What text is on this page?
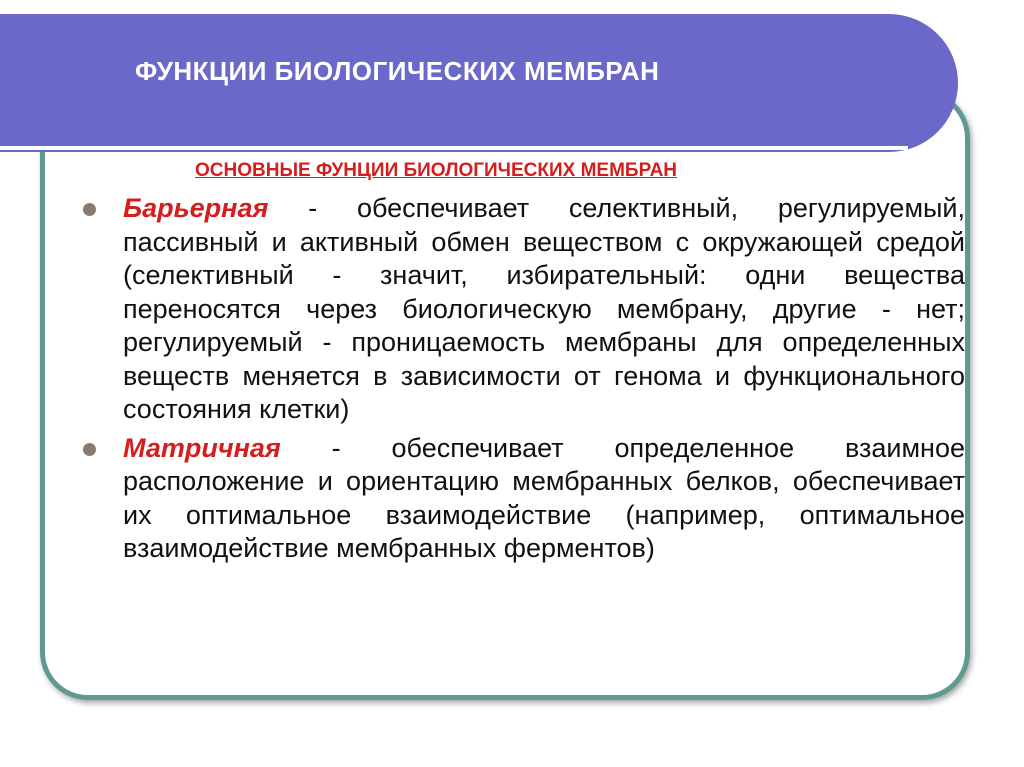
ФУНКЦИИ БИОЛОГИЧЕСКИХ МЕМБРАН
ОСНОВНЫЕ ФУНЦИИ БИОЛОГИЧЕСКИХ МЕМБРАН
Барьерная - обеспечивает селективный, регулируемый, пассивный и активный обмен веществом с окружающей средой (селективный - значит, избирательный: одни вещества переносятся через биологическую мембрану, другие - нет; регулируемый - проницаемость мембраны для определенных веществ меняется в зависимости от генома и функционального состояния клетки)
Матричная - обеспечивает определенное взаимное расположение и ориентацию мембранных белков, обеспечивает их оптимальное взаимодействие (например, оптимальное взаимодействие мембранных ферментов)
